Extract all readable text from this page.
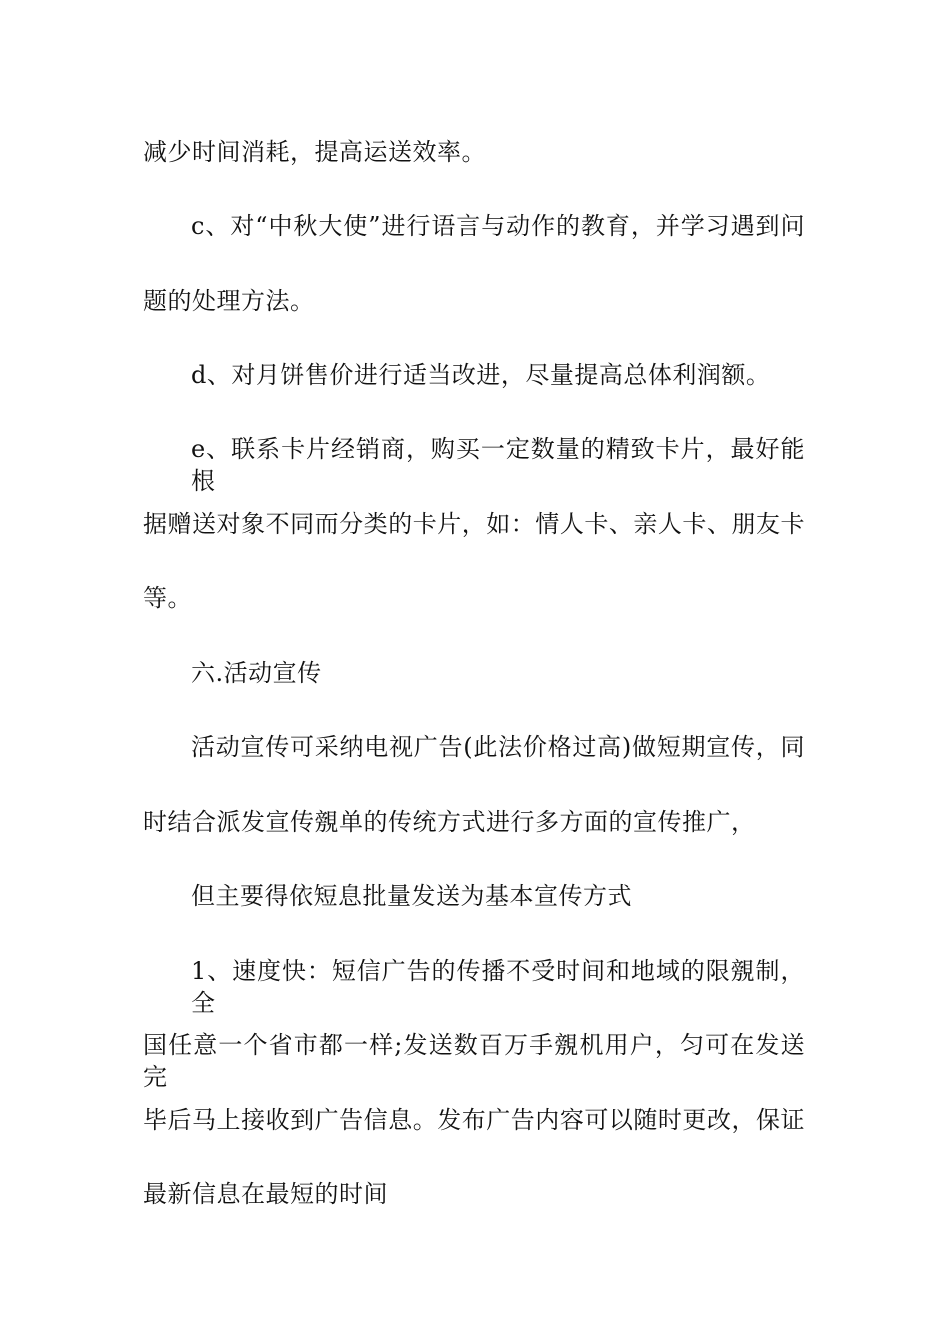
减少时间消耗，提高运送效率。
c、对“中秋大使”进行语言与动作的教育，并学习遇到问
题的处理方法。
d、对月饼售价进行适当改进，尽量提高总体利润额。
e、联系卡片经销商，购买一定数量的精致卡片，最好能根
据赠送对象不同而分类的卡片，如：情人卡、亲人卡、朋友卡
等。
六.活动宣传
活动宣传可采纳电视广告(此法价格过高)做短期宣传，同
时结合派发宣传覫单的传统方式进行多方面的宣传推广，
但主要得依短息批量发送为基本宣传方式
1、速度快：短信广告的传播不受时间和地域的限覫制，全
国任意一个省市都一样;发送数百万手覫机用户，匀可在发送完
毕后马上接收到广告信息。发布广告内容可以随时更改，保证
最新信息在最短的时间
